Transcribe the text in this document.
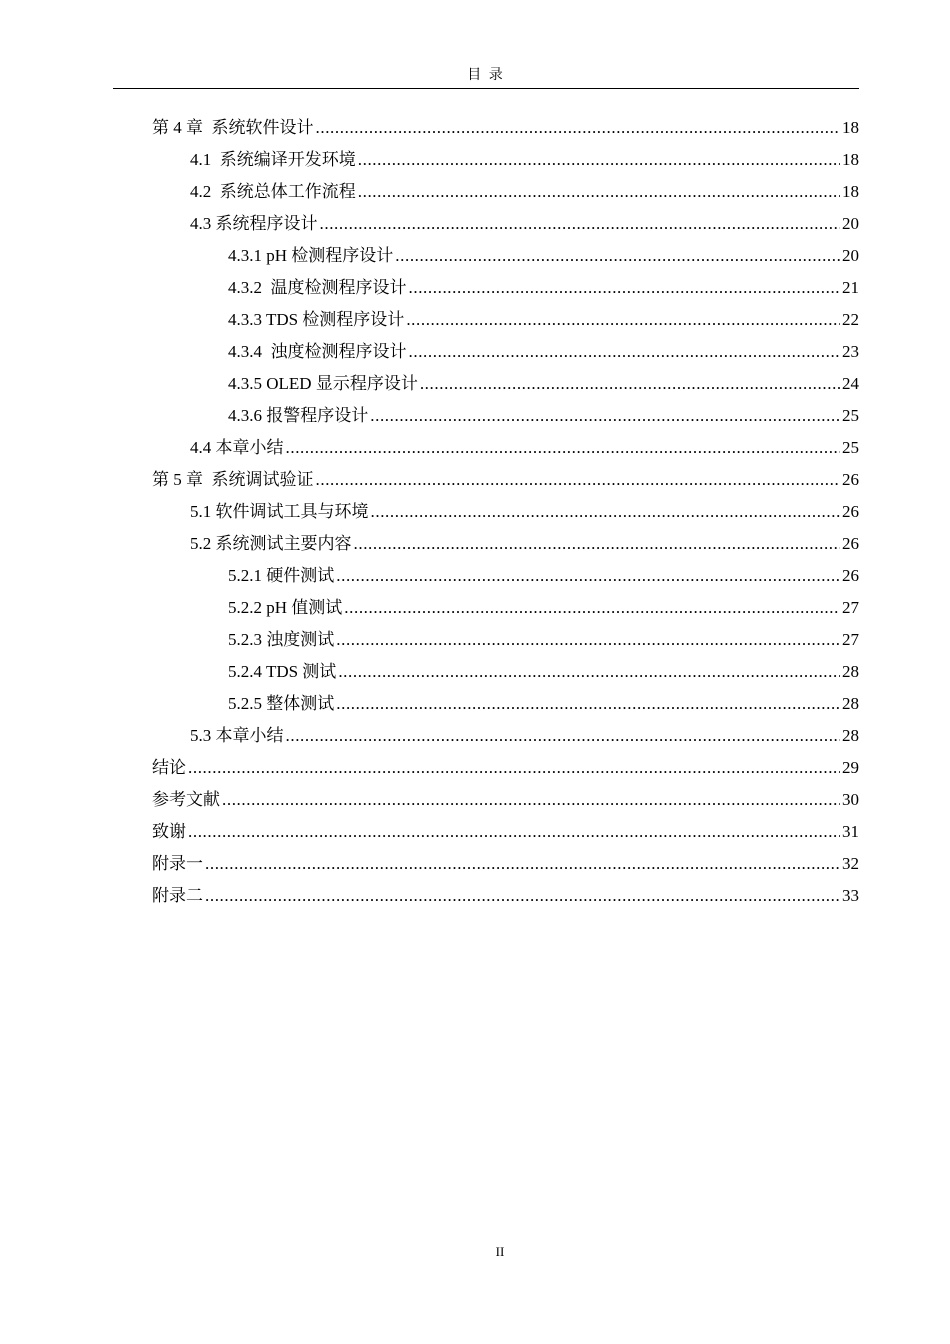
目 录
第 4 章  系统软件设计 .....	18
4.1  系统编译开发环境 .....	18
4.2  系统总体工作流程 .....	18
4.3 系统程序设计 .....	20
4.3.1 pH 检测程序设计 .....	20
4.3.2  温度检测程序设计 .....	21
4.3.3 TDS 检测程序设计 .....	22
4.3.4  浊度检测程序设计 .....	23
4.3.5 OLED 显示程序设计 .....	24
4.3.6 报警程序设计 .....	25
4.4 本章小结 .....	25
第 5 章  系统调试验证 .....	26
5.1 软件调试工具与环境 .....	26
5.2 系统测试主要内容 .....	26
5.2.1 硬件测试 .....	26
5.2.2 pH 值测试 .....	27
5.2.3 浊度测试 .....	27
5.2.4 TDS 测试 .....	28
5.2.5 整体测试 .....	28
5.3 本章小结 .....	28
结论 .....	29
参考文献 .....	30
致谢 .....	31
附录一 .....	32
附录二 .....	33
II
